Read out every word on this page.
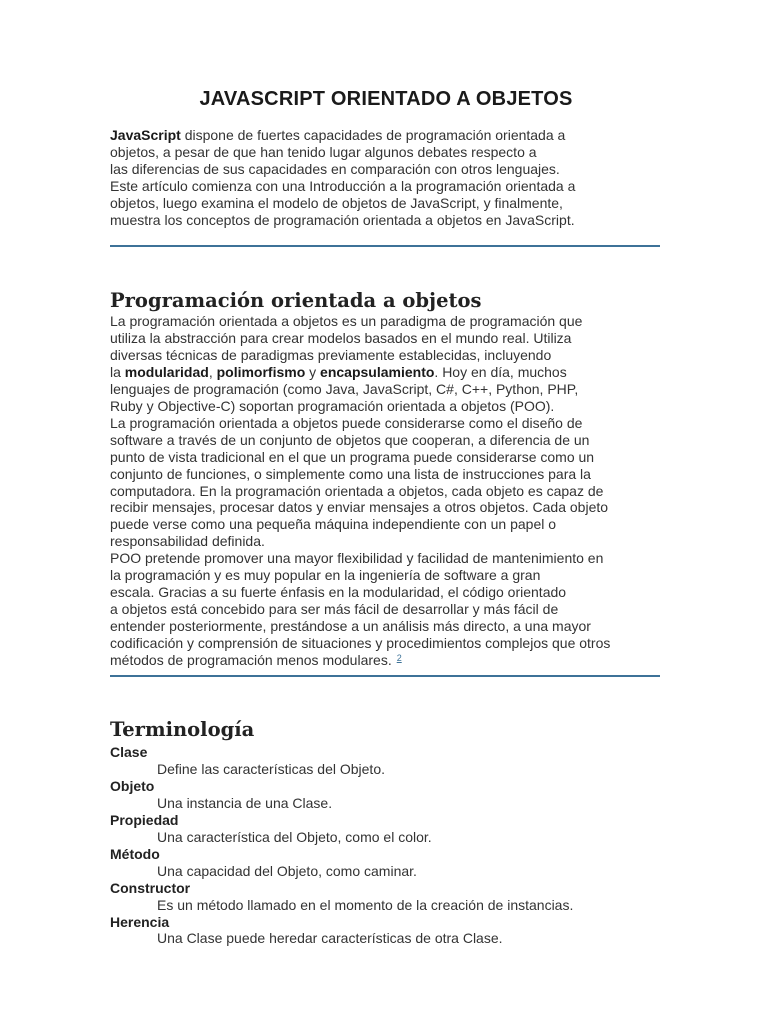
JAVASCRIPT ORIENTADO A OBJETOS
JavaScript dispone de fuertes capacidades de programación orientada a
objetos, a pesar de que han tenido lugar algunos debates respecto a
las diferencias de sus capacidades en comparación con otros lenguajes.
Este artículo comienza con una Introducción a la programación orientada a
objetos, luego examina el modelo de objetos de JavaScript, y finalmente,
muestra los conceptos de programación orientada a objetos en JavaScript.
Programación orientada a objetos
La programación orientada a objetos es un paradigma de programación que
utiliza la abstracción para crear modelos basados en el mundo real. Utiliza
diversas técnicas de paradigmas previamente establecidas, incluyendo
la modularidad, polimorfismo y encapsulamiento. Hoy en día, muchos
lenguajes de programación (como Java, JavaScript, C#, C++, Python, PHP,
Ruby y Objective-C) soportan programación orientada a objetos (POO).
La programación orientada a objetos puede considerarse como el diseño de
software a través de un conjunto de objetos que cooperan, a diferencia de un
punto de vista tradicional en el que un programa puede considerarse como un
conjunto de funciones, o simplemente como una lista de instrucciones para la
computadora. En la programación orientada a objetos, cada objeto es capaz de
recibir mensajes, procesar datos y enviar mensajes a otros objetos. Cada objeto
puede verse como una pequeña máquina independiente con un papel o
responsabilidad definida.
POO pretende promover una mayor flexibilidad y facilidad de mantenimiento en
la programación y es muy popular en la ingeniería de software a gran
escala. Gracias a su fuerte énfasis en la modularidad, el código orientado
a objetos está concebido para ser más fácil de desarrollar y más fácil de
entender posteriormente, prestándose a un análisis más directo, a una mayor
codificación y comprensión de situaciones y procedimientos complejos que otros
métodos de programación menos modulares. $^2$
Terminología
Clase
Define las características del Objeto.
Objeto
Una instancia de una Clase.
Propiedad
Una característica del Objeto, como el color.
Método
Una capacidad del Objeto, como caminar.
Constructor
Es un método llamado en el momento de la creación de instancias.
Herencia
Una Clase puede heredar características de otra Clase.
